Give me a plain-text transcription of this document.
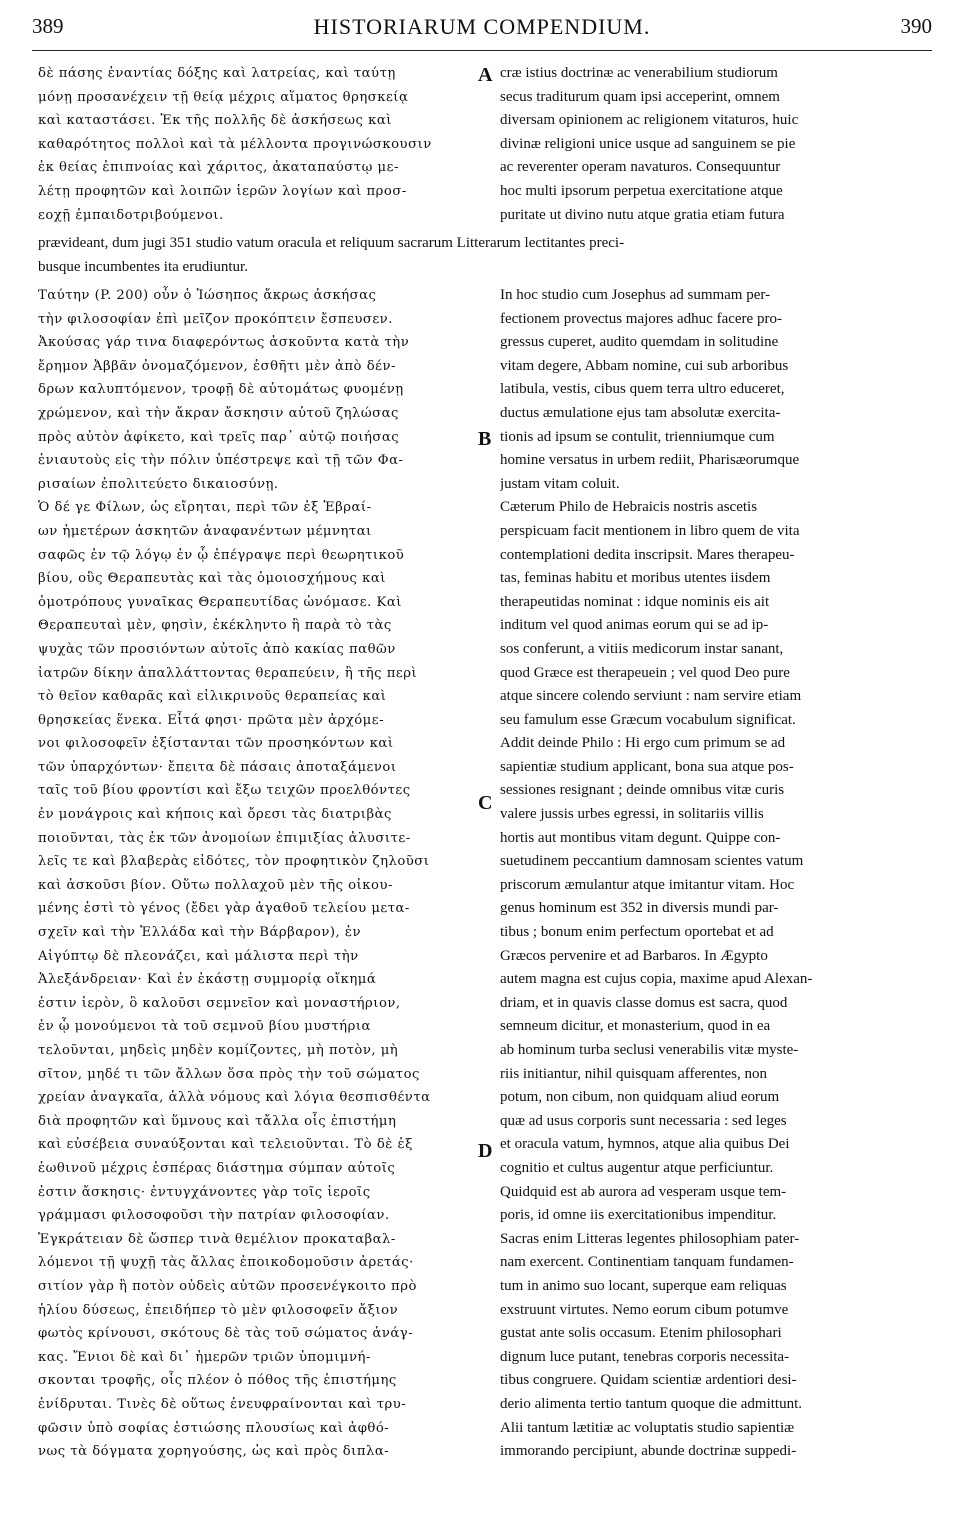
389	HISTORIARUM COMPENDIUM.	390
A
B
C
D
δὲ πάσης ἐναντίας δόξης καὶ λατρείας, καὶ ταύτῃ
μόνῃ προσανέχειν τῇ θείᾳ μέχρις αἵματος θρησκείᾳ
καὶ καταστάσει. Ἐκ τῆς πολλῆς δὲ ἀσκήσεως καὶ
καθαρότητος πολλοὶ καὶ τὰ μέλλοντα προγινώσκουσιν
ἐκ θείας ἐπιπνοίας καὶ χάριτος, ἀκαταπαύστῳ με-
λέτῃ προφητῶν καὶ λοιπῶν ἱερῶν λογίων καὶ προσ-
εοχῇ ἐμπαιδοτριβούμενοι.
cræ istius doctrinæ ac venerabilium studiorum
secus traditurum quam ipsi acceperint, omnem
diversam opinionem ac religionem vitaturos, huic
divinæ religioni unice usque ad sanguinem se pie
ac reverenter operam navaturos. Consequuntur
hoc multi ipsorum perpetua exercitatione atque
puritate ut divino nutu atque gratia etiam futura
prævideant, dum jugi 351 studio vatum oracula et reliquum sacrarum Litterarum lectitantes preci-
busque incumbentes ita erudiuntur.
Ταύτην (P. 200) οὖν ὁ Ἰώσηπος ἄκρως ἀσκήσας
τὴν φιλοσοφίαν ἐπὶ μεῖζον προκόπτειν ἔσπευσεν.
Ἀκούσας γάρ τινα διαφερόντως ἀσκοῦντα κατὰ τὴν
ἔρημον Ἀββᾶν ὀνομαζόμενον, ἐσθῆτι μὲν ἀπὸ δέν-
δρων καλυπτόμενον, τροφῇ δὲ αὐτομάτως φυομένῃ
χρώμενον, καὶ τὴν ἄκραν ἄσκησιν αὐτοῦ ζηλώσας
πρὸς αὐτὸν ἀφίκετο, καὶ τρεῖς παρ᾽ αὐτῷ ποιήσας
ἐνιαυτοὺς εἰς τὴν πόλιν ὑπέστρεψε καὶ τῇ τῶν Φα-
ρισαίων ἐπολιτεύετο δικαιοσύνῃ.
Ὁ δέ γε Φίλων, ὡς εἴρηται, περὶ τῶν ἐξ Ἑβραί-
ων ἡμετέρων ἀσκητῶν ἀναφανέντων μέμνηται
σαφῶς ἐν τῷ λόγῳ ἐν ᾧ ἐπέγραψε περὶ θεωρητικοῦ
βίου, οὓς Θεραπευτὰς καὶ τὰς ὁμοιοσχήμους καὶ
ὁμοτρόπους γυναῖκας Θεραπευτίδας ὠνόμασε. Καὶ
Θεραπευταὶ μὲν, φησὶν, ἐκέκληντο ἢ παρὰ τὸ τὰς
ψυχὰς τῶν προσιόντων αὐτοῖς ἀπὸ κακίας παθῶν
ἰατρῶν δίκην ἀπαλλάττοντας θεραπεύειν, ἢ τῆς περὶ
τὸ θεῖον καθαρᾶς καὶ εἰλικρινοῦς θεραπείας καὶ
θρησκείας ἕνεκα. Εἶτά φησι· πρῶτα μὲν ἀρχόμε-
νοι φιλοσοφεῖν ἐξίστανται τῶν προσηκόντων καὶ
τῶν ὑπαρχόντων· ἔπειτα δὲ πάσαις ἀποταξάμενοι
ταῖς τοῦ βίου φροντίσι καὶ ἔξω τειχῶν προελθόντες
ἐν μονάγροις καὶ κήποις καὶ ὄρεσι τὰς διατριβὰς
ποιοῦνται, τὰς ἐκ τῶν ἀνομοίων ἐπιμιξίας ἀλυσιτε-
λεῖς τε καὶ βλαβερὰς εἰδότες, τὸν προφητικὸν ζηλοῦσι
καὶ ἀσκοῦσι βίον. Οὕτω πολλαχοῦ μὲν τῆς οἰκου-
μένης ἐστὶ τὸ γένος (ἔδει γὰρ ἀγαθοῦ τελείου μετα-
σχεῖν καὶ τὴν Ἑλλάδα καὶ τὴν Βάρβαρον), ἐν
Αἰγύπτῳ δὲ πλεονάζει, καὶ μάλιστα περὶ τὴν
Ἀλεξάνδρειαν· Καὶ ἐν ἑκάστῃ συμμορίᾳ οἴκημά
ἐστιν ἱερὸν, ὃ καλοῦσι σεμνεῖον καὶ μοναστήριον,
ἐν ᾧ μονούμενοι τὰ τοῦ σεμνοῦ βίου μυστήρια
τελοῦνται, μηδεὶς μηδὲν κομίζοντες, μὴ ποτὸν, μὴ
σῖτον, μηδέ τι τῶν ἄλλων ὅσα πρὸς τὴν τοῦ σώματος
χρείαν ἀναγκαῖα, ἀλλὰ νόμους καὶ λόγια θεσπισθέντα
διὰ προφητῶν καὶ ὕμνους καὶ τἄλλα οἷς ἐπιστήμη
καὶ εὐσέβεια συναύξονται καὶ τελειοῦνται. Τὸ δὲ ἐξ
ἑωθινοῦ μέχρις ἑσπέρας διάστημα σύμπαν αὐτοῖς
ἐστιν ἄσκησις· ἐντυγχάνοντες γὰρ τοῖς ἱεροῖς
γράμμασι φιλοσοφοῦσι τὴν πατρίαν φιλοσοφίαν.
Ἐγκράτειαν δὲ ὥσπερ τινὰ θεμέλιον προκαταβαλ-
λόμενοι τῇ ψυχῇ τὰς ἄλλας ἐποικοδομοῦσιν ἀρετάς·
σιτίον γὰρ ἢ ποτὸν οὐδεὶς αὐτῶν προσενέγκοιτο πρὸ
ἡλίου δύσεως, ἐπειδήπερ τὸ μὲν φιλοσοφεῖν ἄξιον
φωτὸς κρίνουσι, σκότους δὲ τὰς τοῦ σώματος ἀνάγ-
κας. Ἔνιοι δὲ καὶ δι᾽ ἡμερῶν τριῶν ὑπομιμνή-
σκονται τροφῆς, οἷς πλέον ὁ πόθος τῆς ἐπιστήμης
ἐνίδρυται. Τινὲς δὲ οὕτως ἐνευφραίνονται καὶ τρυ-
φῶσιν ὑπὸ σοφίας ἑστιώσης πλουσίως καὶ ἀφθό-
νως τὰ δόγματα χορηγούσης, ὡς καὶ πρὸς διπλα-
In hoc studio cum Josephus ad summam per-
fectionem provectus majores adhuc facere pro-
gressus cuperet, audito quemdam in solitudine
vitam degere, Abbam nomine, cui sub arboribus
latibula, vestis, cibus quem terra ultro educeret,
ductus æmulatione ejus tam absolutæ exercita-
tionis ad ipsum se contulit, trienniumque cum
homine versatus in urbem rediit, Pharisæorumque
justam vitam coluit.
Cæterum Philo de Hebraicis nostris ascetis
perspicuam facit mentionem in libro quem de vita
contemplationi dedita inscripsit. Mares therapeu-
tas, feminas habitu et moribus utentes iisdem
therapeutidas nominat : idque nominis eis ait
inditum vel quod animas eorum qui se ad ip-
sos conferunt, a vitiis medicorum instar sanant,
quod Græce est therapeuein ; vel quod Deo pure
atque sincere colendo serviunt : nam servire etiam
seu famulum esse Græcum vocabulum significat.
Addit deinde Philo : Hi ergo cum primum se ad
sapientiæ studium applicant, bona sua atque pos-
sessiones resignant ; deinde omnibus vitæ curis
valere jussis urbes egressi, in solitariis villis
hortis aut montibus vitam degunt. Quippe con-
suetudinem peccantium damnosam scientes vatum
priscorum æmulantur atque imitantur vitam. Hoc
genus hominum est 352 in diversis mundi par-
tibus ; bonum enim perfectum oportebat et ad
Græcos pervenire et ad Barbaros. In Ægypto
autem magna est cujus copia, maxime apud Alexan-
driam, et in quavis classe domus est sacra, quod
semneum dicitur, et monasterium, quod in ea
ab hominum turba seclusi venerabilis vitæ myste-
riis initiantur, nihil quisquam afferentes, non
potum, non cibum, non quidquam aliud eorum
quæ ad usus corporis sunt necessaria : sed leges
et oracula vatum, hymnos, atque alia quibus Dei
cognitio et cultus augentur atque perficiuntur.
Quidquid est ab aurora ad vesperam usque tem-
poris, id omne iis exercitationibus impenditur.
Sacras enim Litteras legentes philosophiam pater-
nam exercent. Continentiam tanquam fundamen-
tum in animo suo locant, superque eam reliquas
exstruunt virtutes. Nemo eorum cibum potumve
gustat ante solis occasum. Etenim philosophari
dignum luce putant, tenebras corporis necessita-
tibus congruere. Quidam scientiæ ardentiori desi-
derio alimenta tertio tantum quoque die admittunt.
Alii tantum lætitiæ ac voluptatis studio sapientiæ
immorando percipiunt, abunde doctrinæ suppedi-
